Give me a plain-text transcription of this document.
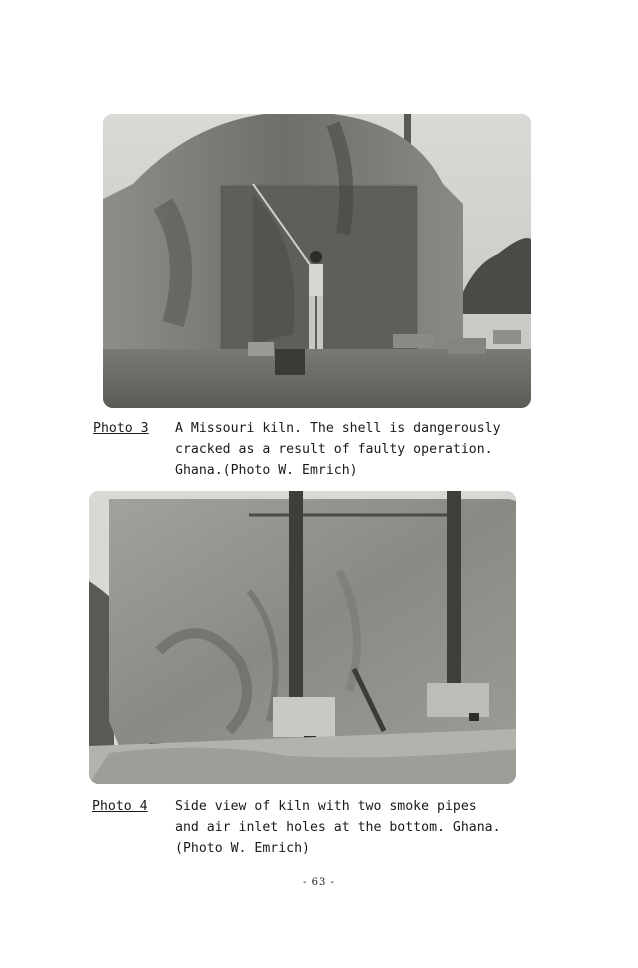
Photo 3 A Missouri kiln. The shell is dangerously
cracked as a result of faulty operation.
Ghana.(Photo W. Emrich)
Photo 4 Side view of kiln with two smoke pipes
and air inlet holes at the bottom. Ghana.
(Photo W. Emrich)
- 63 -
